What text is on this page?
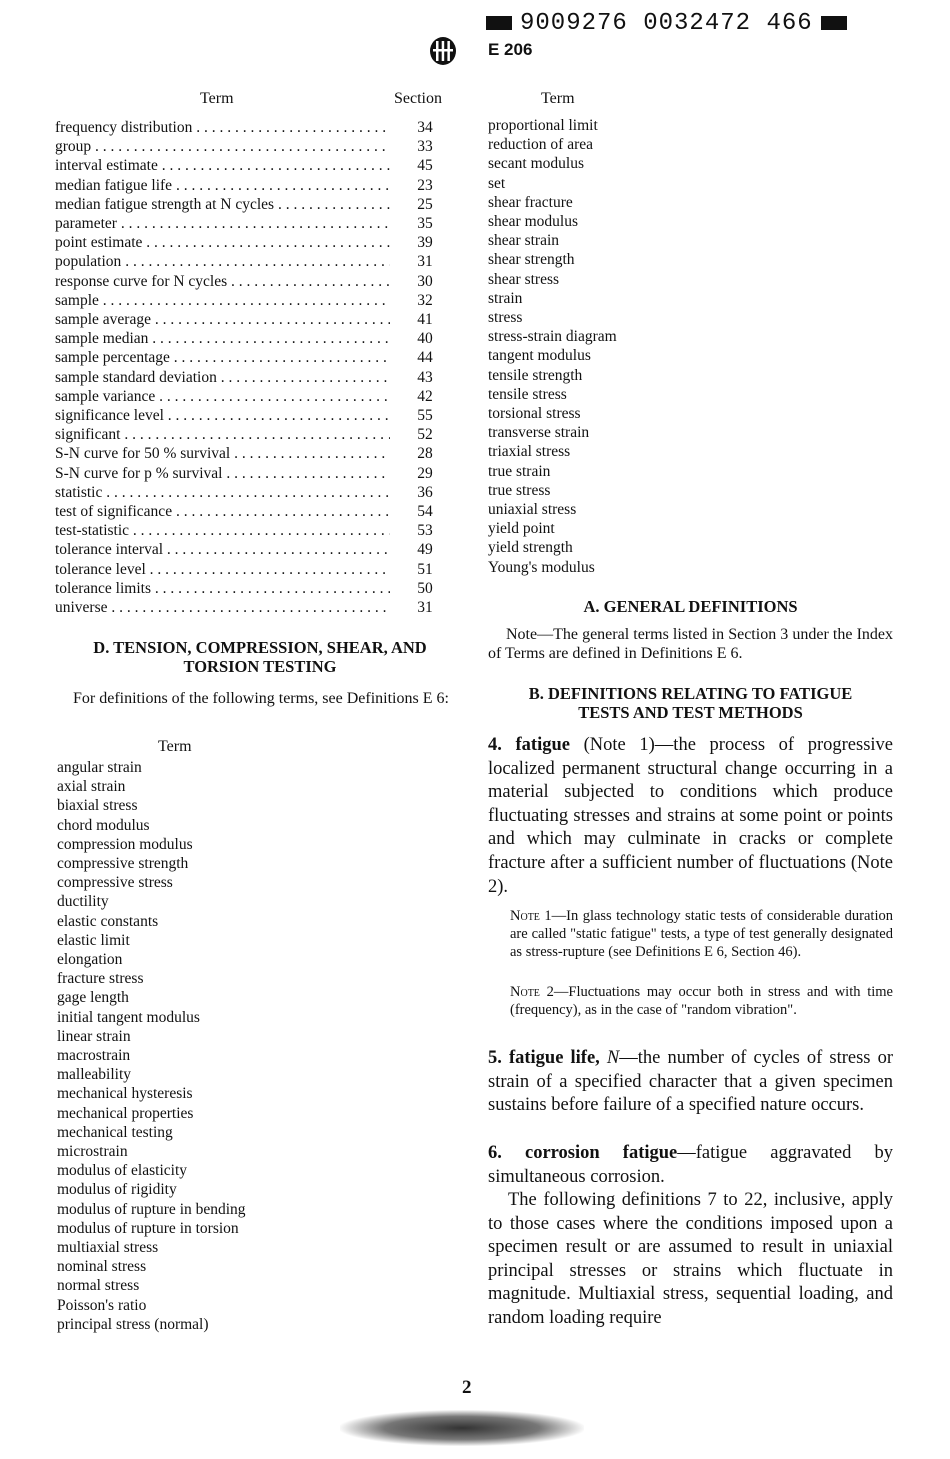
9009276 0032472 466
E 206
Term	Section
frequency distribution . . .	34
group . . .	33
interval estimate . . .	45
median fatigue life . . .	23
median fatigue strength at N cycles . . .	25
parameter . . .	35
point estimate . . .	39
population . . .	31
response curve for N cycles . . .	30
sample . . .	32
sample average . . .	41
sample median . . .	40
sample percentage . . .	44
sample standard deviation . . .	43
sample variance . . .	42
significance level . . .	55
significant . . .	52
S-N curve for 50 % survival . . .	28
S-N curve for p % survival . . .	29
statistic . . .	36
test of significance . . .	54
test-statistic . . .	53
tolerance interval . . .	49
tolerance level . . .	51
tolerance limits . . .	50
universe . . .	31
D. TENSION, COMPRESSION, SHEAR, AND
TORSION TESTING
For definitions of the following terms, see Definitions E 6:
Term
angular strain
axial strain
biaxial stress
chord modulus
compression modulus
compressive strength
compressive stress
ductility
elastic constants
elastic limit
elongation
fracture stress
gage length
initial tangent modulus
linear strain
macrostrain
malleability
mechanical hysteresis
mechanical properties
mechanical testing
microstrain
modulus of elasticity
modulus of rigidity
modulus of rupture in bending
modulus of rupture in torsion
multiaxial stress
nominal stress
normal stress
Poisson's ratio
principal stress (normal)
Term
proportional limit
reduction of area
secant modulus
set
shear fracture
shear modulus
shear strain
shear strength
shear stress
strain
stress
stress-strain diagram
tangent modulus
tensile strength
tensile stress
torsional stress
transverse strain
triaxial stress
true strain
true stress
uniaxial stress
yield point
yield strength
Young's modulus
A. GENERAL DEFINITIONS
Note—The general terms listed in Section 3 under the Index of Terms are defined in Definitions E 6.
B. DEFINITIONS RELATING TO FATIGUE
TESTS AND TEST METHODS
4. fatigue (Note 1)—the process of progressive localized permanent structural change occurring in a material subjected to conditions which produce fluctuating stresses and strains at some point or points and which may culminate in cracks or complete fracture after a sufficient number of fluctuations (Note 2).
Note 1—In glass technology static tests of considerable duration are called "static fatigue" tests, a type of test generally designated as stress-rupture (see Definitions E 6, Section 46).
Note 2—Fluctuations may occur both in stress and with time (frequency), as in the case of "random vibration".
5. fatigue life, N—the number of cycles of stress or strain of a specified character that a given specimen sustains before failure of a specified nature occurs.
6. corrosion fatigue—fatigue aggravated by simultaneous corrosion.
The following definitions 7 to 22, inclusive, apply to those cases where the conditions imposed upon a specimen result or are assumed to result in uniaxial principal stresses or strains which fluctuate in magnitude. Multiaxial stress, sequential loading, and random loading require
2
